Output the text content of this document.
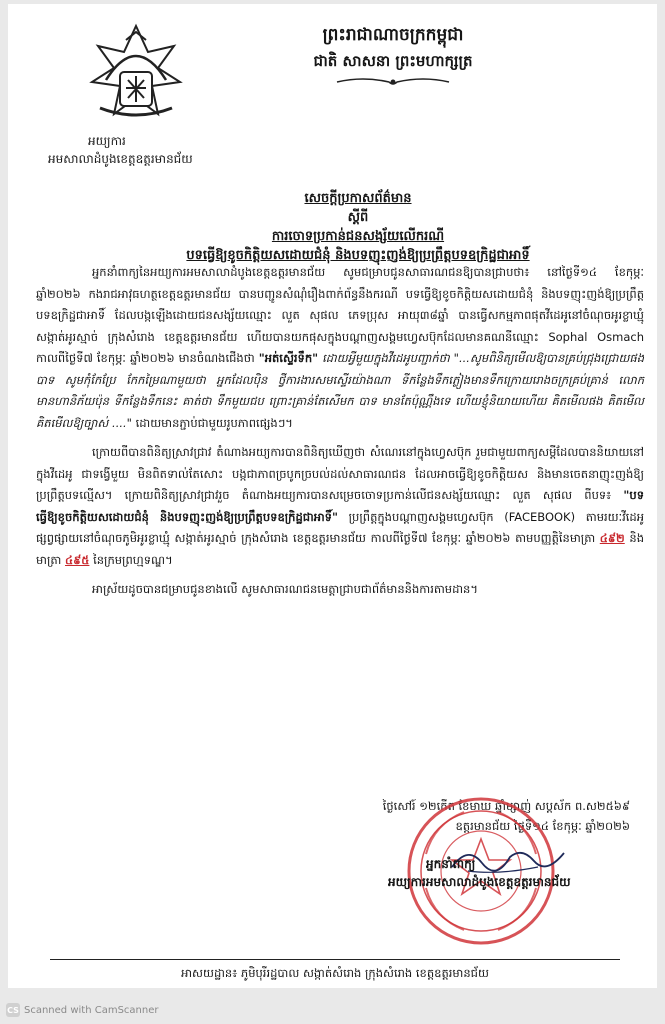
អយ្យការ
អមសាលាដំបូងខេត្តឧត្តរមានជ័យ
ព្រះរាជាណាចក្រកម្ពុជា
ជាតិ សាសនា ព្រះមហាក្សត្រ
សេចក្តីប្រកាសព័ត៌មាន
ស្តីពី
ការចោទប្រកាន់ជនសង្ស័យលើករណី
បទធ្វើឱ្យខូចកិត្តិយសដោយជំនុំ និងបទញុះញង់ឱ្យប្រព្រឹត្តបទឧក្រិដ្ឋជាអាទិ៍

អ្នកនាំពាក្យនៃអយ្យការអមសាលាដំបូងខេត្តឧត្តរមានជ័យ សូមជម្រាបជូនសាធារណជនឱ្យបានជ្រាបថា៖ នៅថ្ងៃទី១៤ ខែកុម្ភៈ ឆ្នាំ២០២៦ កងរាជអាវុធហត្ថខេត្តឧត្តរមានជ័យ បានបញ្ជូនសំណុំរឿងពាក់ព័ន្ធនឹងករណី បទធ្វើឱ្យខូចកិត្តិយសដោយជំនុំ និងបទញុះញង់ឱ្យប្រព្រឹត្តបទឧក្រិដ្ឋជាអាទិ៍ ដែលបង្កឡើងដោយជនសង្ស័យឈ្មោះ លួត សុផល ភេទប្រុស អាយុ៣៨ឆ្នាំ បានធ្វើសកម្មភាពផុតវីដេអូនៅចំណុចអូរខ្លាឃ្មុំ សង្កាត់អូរស្មាច់ ក្រុងសំរោង ខេត្តឧត្តរមានជ័យ ហើយបានយកផុសក្នុងបណ្តាញសង្គមហ្វេសប៊ុកដែលមានគណនីឈ្មោះ Sophal Osmach កាលពីថ្ងៃទី៧ ខែកុម្ភៈ ឆ្នាំ២០២៦ មានចំណងជើងថា "អត់ស្ទើរទឹក" ដោយអ្វីមួយក្នុងវីដេអូបញ្ជាក់ថា "...សូមពិនិត្យមើលឱ្យបានគ្រប់ជ្រុងជ្រោយផងបាទ សូមកុំកែប្រែ កែកម្រៃណាមួយថា អ្នកដែលបុិន ថ្វីការងារសមស្ទើរយ៉ាងណា ទីកន្លែងទឹកភ្លៀងមានទឹកក្រោយរោងចក្រគ្រប់គ្រាន់ លោកមានហានិភ័យប៉ុន ទីកន្លែងទឹកនេះ គាត់ថា ទឹកមួយជប ព្រោះគ្រាន់តែសើមក បាទ មានតែប៉ុណ្ណឹងទេ ហើយខ្ញុំនិយាយហើយ គិតមើលផង គិតមើល គិតមើលឱ្យច្បាស់ ...." ដោយមានភ្ជាប់ជាមួយរូបភាពផ្សេងៗ។

ក្រោយពីបានពិនិត្យស្រាវជ្រាវ តំណាងអយ្យការបានពិនិត្យឃើញថា សំណេរនៅក្នុងហ្វេសប៊ុក រួមជាមួយពាក្យសម្តីដែលបាននិយាយនៅក្នុងវីដេអូ ជាទង្វើមួយ មិនពិតទាល់តែសោះ បង្កជាភាពច្របូកច្របល់ដល់សាធារណជន ដែលអាចធ្វើឱ្យខូចកិត្តិយស និងមានចេតនាញុះញង់ឱ្យប្រព្រឹត្តបទល្មើស។ ក្រោយពិនិត្យស្រាវជ្រាវរួច តំណាងអយ្យការបានសម្រេចចោទប្រកាន់លើជនសង្ស័យឈ្មោះ លួត សុផល ពីបទ៖ "បទធ្វើឱ្យខូចកិត្តិយសដោយជំនុំ និងបទញុះញង់ឱ្យប្រព្រឹត្តបទឧក្រិដ្ឋជាអាទិ៍" ប្រព្រឹត្តក្នុងបណ្តាញសង្គមហ្វេសប៊ុក (FACEBOOK) តាមរយៈវីដេអូផ្សព្វផ្សាយនៅចំណុចភូមិអូរខ្លាឃ្មុំ សង្កាត់អូរស្មាច់ ក្រុងសំរោង ខេត្តឧត្តរមានជ័យ កាលពីថ្ងៃទី៧ ខែកុម្ភៈ ឆ្នាំ២០២៦ តាមបញ្ញត្តិនៃមាត្រា ៤៩២ និងមាត្រា ៤៩៥ នៃក្រមព្រហ្មទណ្ឌ។

អាស្រ័យដូចបានជម្រាបជូនខាងលើ សូមសាធារណជនមេត្តាជ្រាបជាព័ត៌មាននិងការតាមដាន។

ថ្ងៃសៅរ៍ ១២កើត ខែមាឃ ឆ្នាំម្សាញ់ សប្តស័ក ព.ស២៥៦៩
ឧត្តរមានជ័យ ថ្ងៃទី១៤ ខែកុម្ភៈ ឆ្នាំ២០២៦
អ្នកនាំពាក្យ
អយ្យការអមសាលាដំបូងខេត្តឧត្តរមានជ័យ
អាសយដ្ឋាន៖ ភូមិបុរីរដ្ឋបាល សង្កាត់សំរោង ក្រុងសំរោង ខេត្តឧត្តរមានជ័យ
CS Scanned with CamScanner
